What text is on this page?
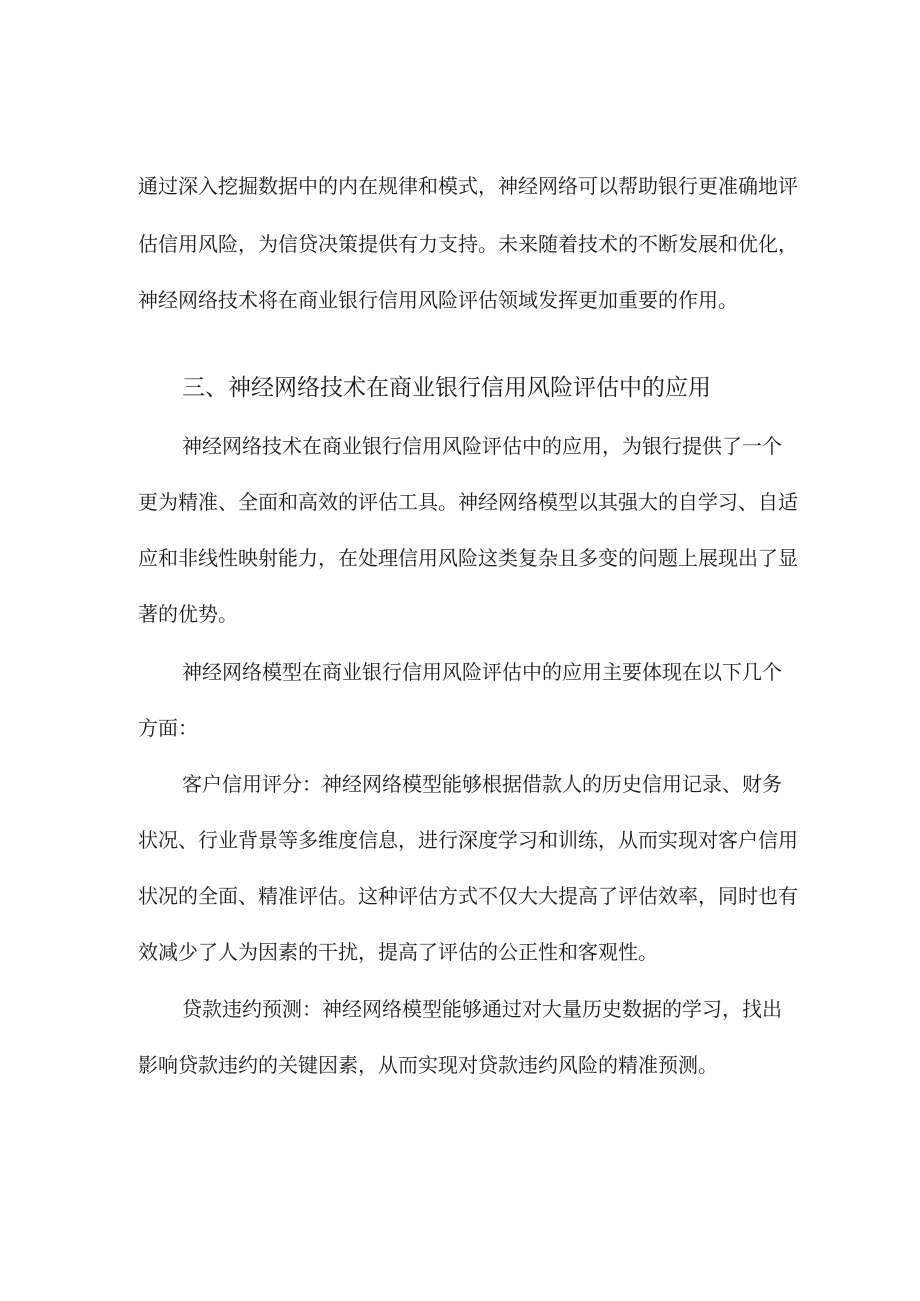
通过深入挖掘数据中的内在规律和模式，神经网络可以帮助银行更准确地评
估信用风险，为信贷决策提供有力支持。未来随着技术的不断发展和优化，
神经网络技术将在商业银行信用风险评估领域发挥更加重要的作用。
三、神经网络技术在商业银行信用风险评估中的应用
神经网络技术在商业银行信用风险评估中的应用，为银行提供了一个
更为精准、全面和高效的评估工具。神经网络模型以其强大的自学习、自适
应和非线性映射能力，在处理信用风险这类复杂且多变的问题上展现出了显
著的优势。
神经网络模型在商业银行信用风险评估中的应用主要体现在以下几个
方面：
客户信用评分：神经网络模型能够根据借款人的历史信用记录、财务
状况、行业背景等多维度信息，进行深度学习和训练，从而实现对客户信用
状况的全面、精准评估。这种评估方式不仅大大提高了评估效率，同时也有
效减少了人为因素的干扰，提高了评估的公正性和客观性。
贷款违约预测：神经网络模型能够通过对大量历史数据的学习，找出
影响贷款违约的关键因素，从而实现对贷款违约风险的精准预测。
